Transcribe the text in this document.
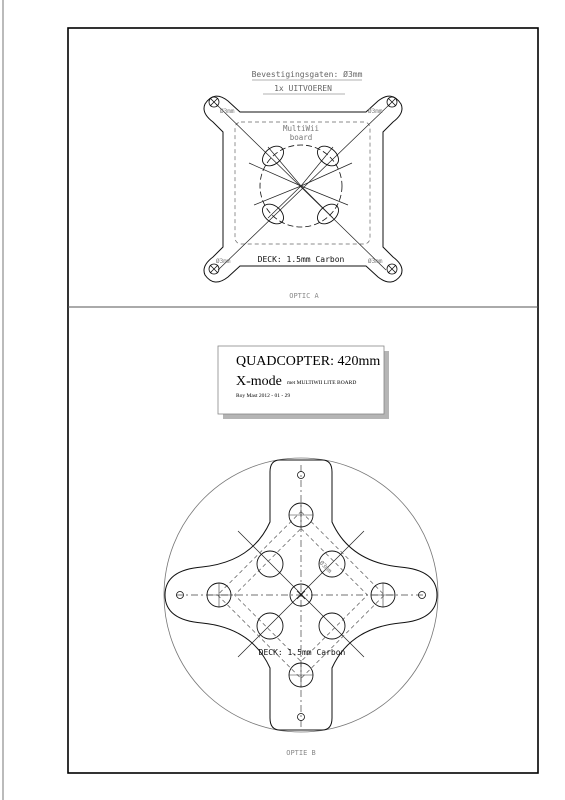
Bevestigingsgaten: Ø3mm
1x UITVOEREN
MultiWii
board
Ø3mm	Ø3mm
Ø3mm	Ø3mm
DECK: 1.5mm Carbon
OPTIC A
QUADCOPTER: 420mm
X-mode met MULTIWII LITE BOARD
Roy Mast 2012 - 01 - 29
Ø3mm
DECK: 1.5mm Carbon
OPTIE B
